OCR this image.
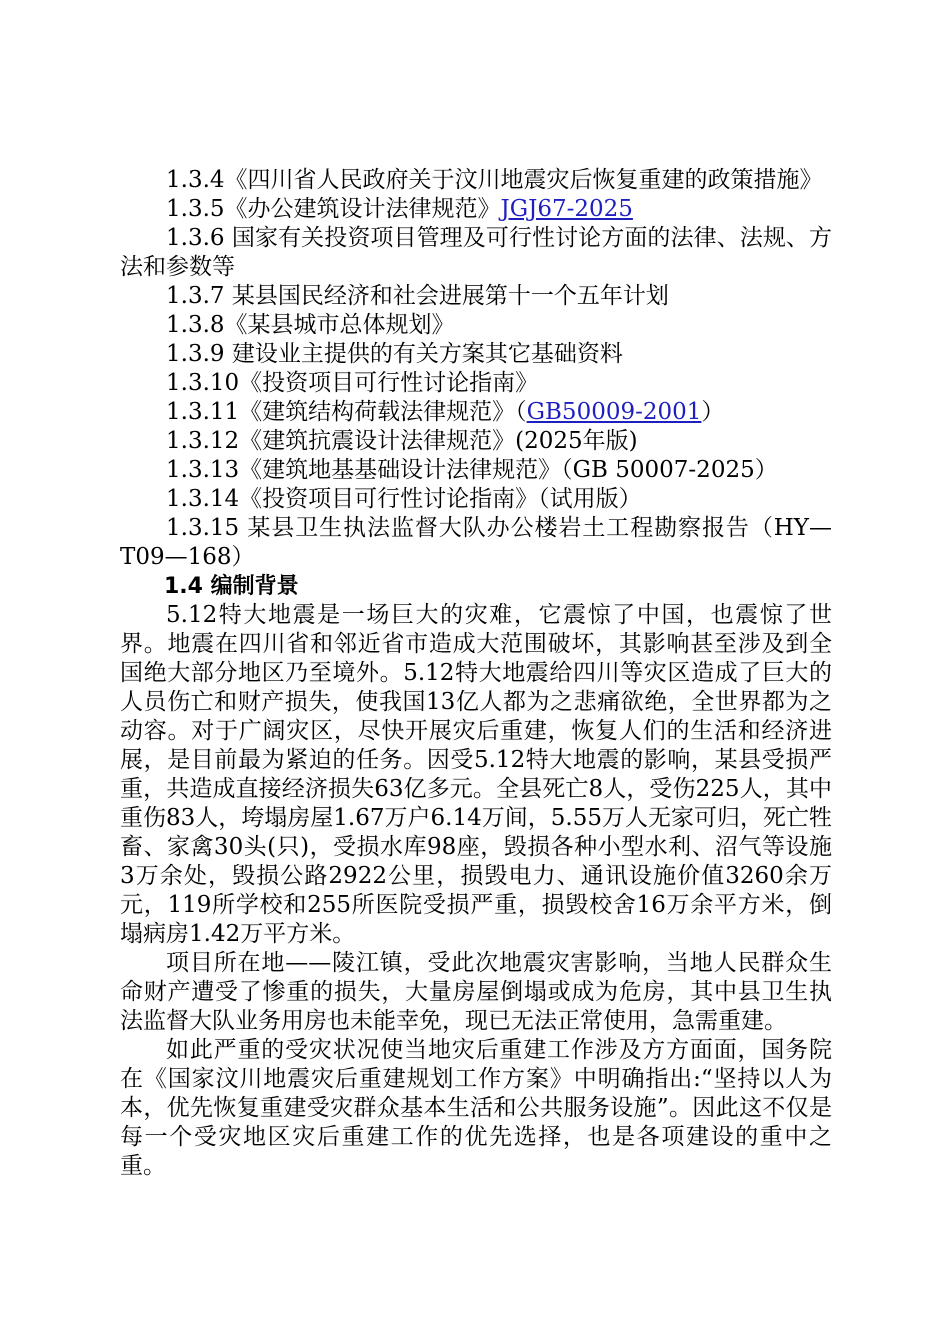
1.3.4《四川省人民政府关于汶川地震灾后恢复重建的政策措施》

1.3.5《办公建筑设计法律规范》JGJ67-2025

1.3.6 国家有关投资项目管理及可行性讨论方面的法律、法规、方法和参数等

1.3.7 某县国民经济和社会进展第十一个五年计划

1.3.8《某县城市总体规划》

1.3.9 建设业主提供的有关方案其它基础资料

1.3.10《投资项目可行性讨论指南》

1.3.11《建筑结构荷载法律规范》（GB50009-2001）

1.3.12《建筑抗震设计法律规范》(2025年版)

1.3.13《建筑地基基础设计法律规范》（GB 50007-2025）

1.3.14《投资项目可行性讨论指南》（试用版）

1.3.15 某县卫生执法监督大队办公楼岩土工程勘察报告（HY—T09—168）

1.4 编制背景

5.12特大地震是一场巨大的灾难，它震惊了中国，也震惊了世界。地震在四川省和邻近省市造成大范围破坏，其影响甚至涉及到全国绝大部分地区乃至境外。5.12特大地震给四川等灾区造成了巨大的人员伤亡和财产损失，使我国13亿人都为之悲痛欲绝，全世界都为之动容。对于广阔灾区，尽快开展灾后重建，恢复人们的生活和经济进展，是目前最为紧迫的任务。因受5.12特大地震的影响，某县受损严重，共造成直接经济损失63亿多元。全县死亡8人，受伤225人，其中重伤83人，垮塌房屋1.67万户6.14万间，5.55万人无家可归，死亡牲畜、家禽30头(只)，受损水库98座，毁损各种小型水利、沼气等设施3万余处，毁损公路2922公里，损毁电力、通讯设施价值3260余万元，119所学校和255所医院受损严重，损毁校舍16万余平方米，倒塌病房1.42万平方米。

项目所在地——陵江镇，受此次地震灾害影响，当地人民群众生命财产遭受了惨重的损失，大量房屋倒塌或成为危房，其中县卫生执法监督大队业务用房也未能幸免，现已无法正常使用，急需重建。

如此严重的受灾状况使当地灾后重建工作涉及方方面面，国务院在《国家汶川地震灾后重建规划工作方案》中明确指出:“坚持以人为本，优先恢复重建受灾群众基本生活和公共服务设施”。因此这不仅是每一个受灾地区灾后重建工作的优先选择，也是各项建设的重中之重。
